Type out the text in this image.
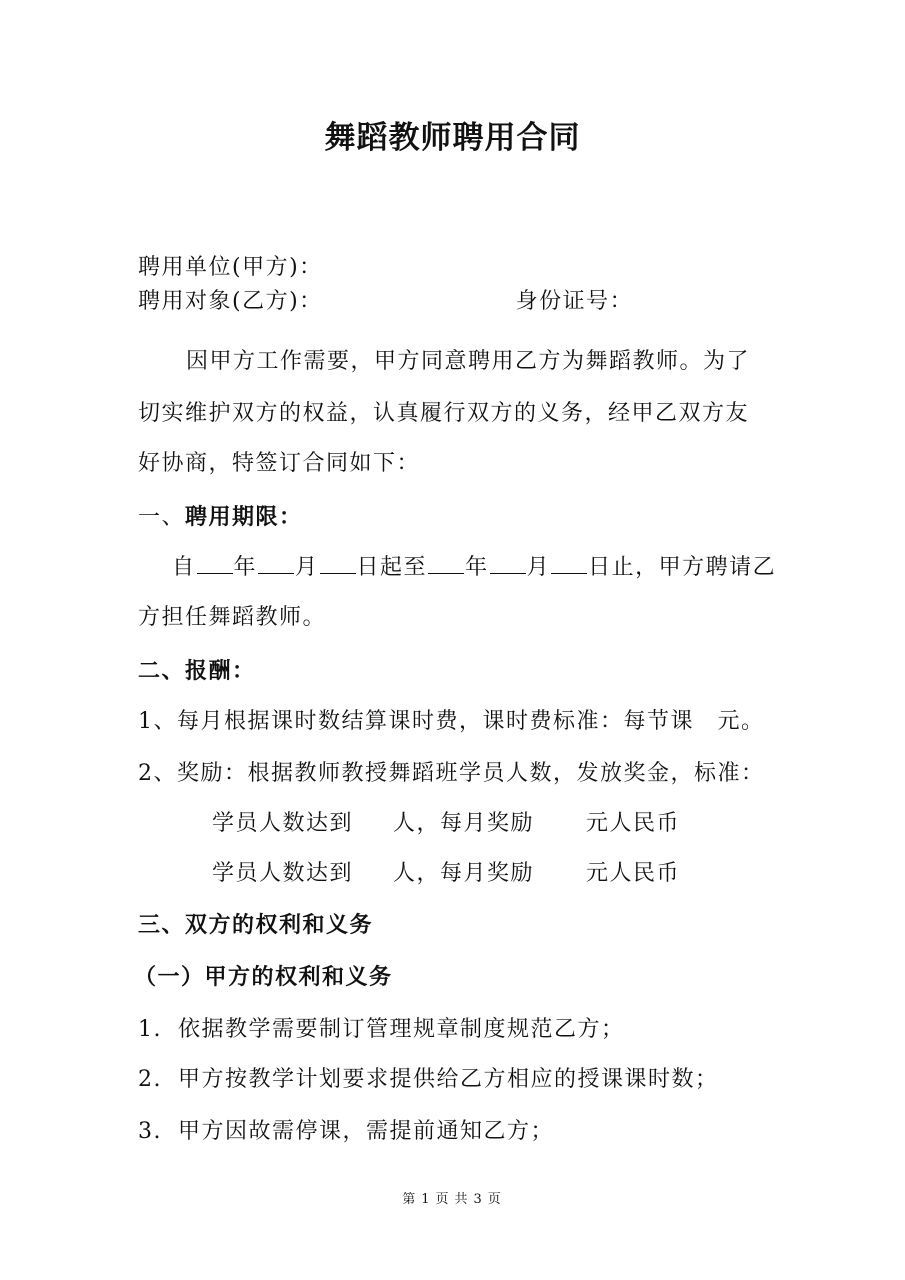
舞蹈教师聘用合同
聘用单位(甲方)：
聘用对象(乙方)：	身份证号：
因甲方工作需要，甲方同意聘用乙方为舞蹈教师。为了
切实维护双方的权益，认真履行双方的义务，经甲乙双方友
好协商，特签订合同如下：
一、聘用期限：
自 年 月 日起至 年 月 日止，甲方聘请乙
方担任舞蹈教师。
二、报酬：
1、每月根据课时数结算课时费，课时费标准：每节课　元。
2、奖励：根据教师教授舞蹈班学员人数，发放奖金，标准：
学员人数达到 人，每月奖励 元人民币
学员人数达到 人，每月奖励 元人民币
三、双方的权利和义务
（一）甲方的权利和义务
1. 依据教学需要制订管理规章制度规范乙方；
2. 甲方按教学计划要求提供给乙方相应的授课课时数；
3. 甲方因故需停课，需提前通知乙方；
第 1 页 共 3 页
